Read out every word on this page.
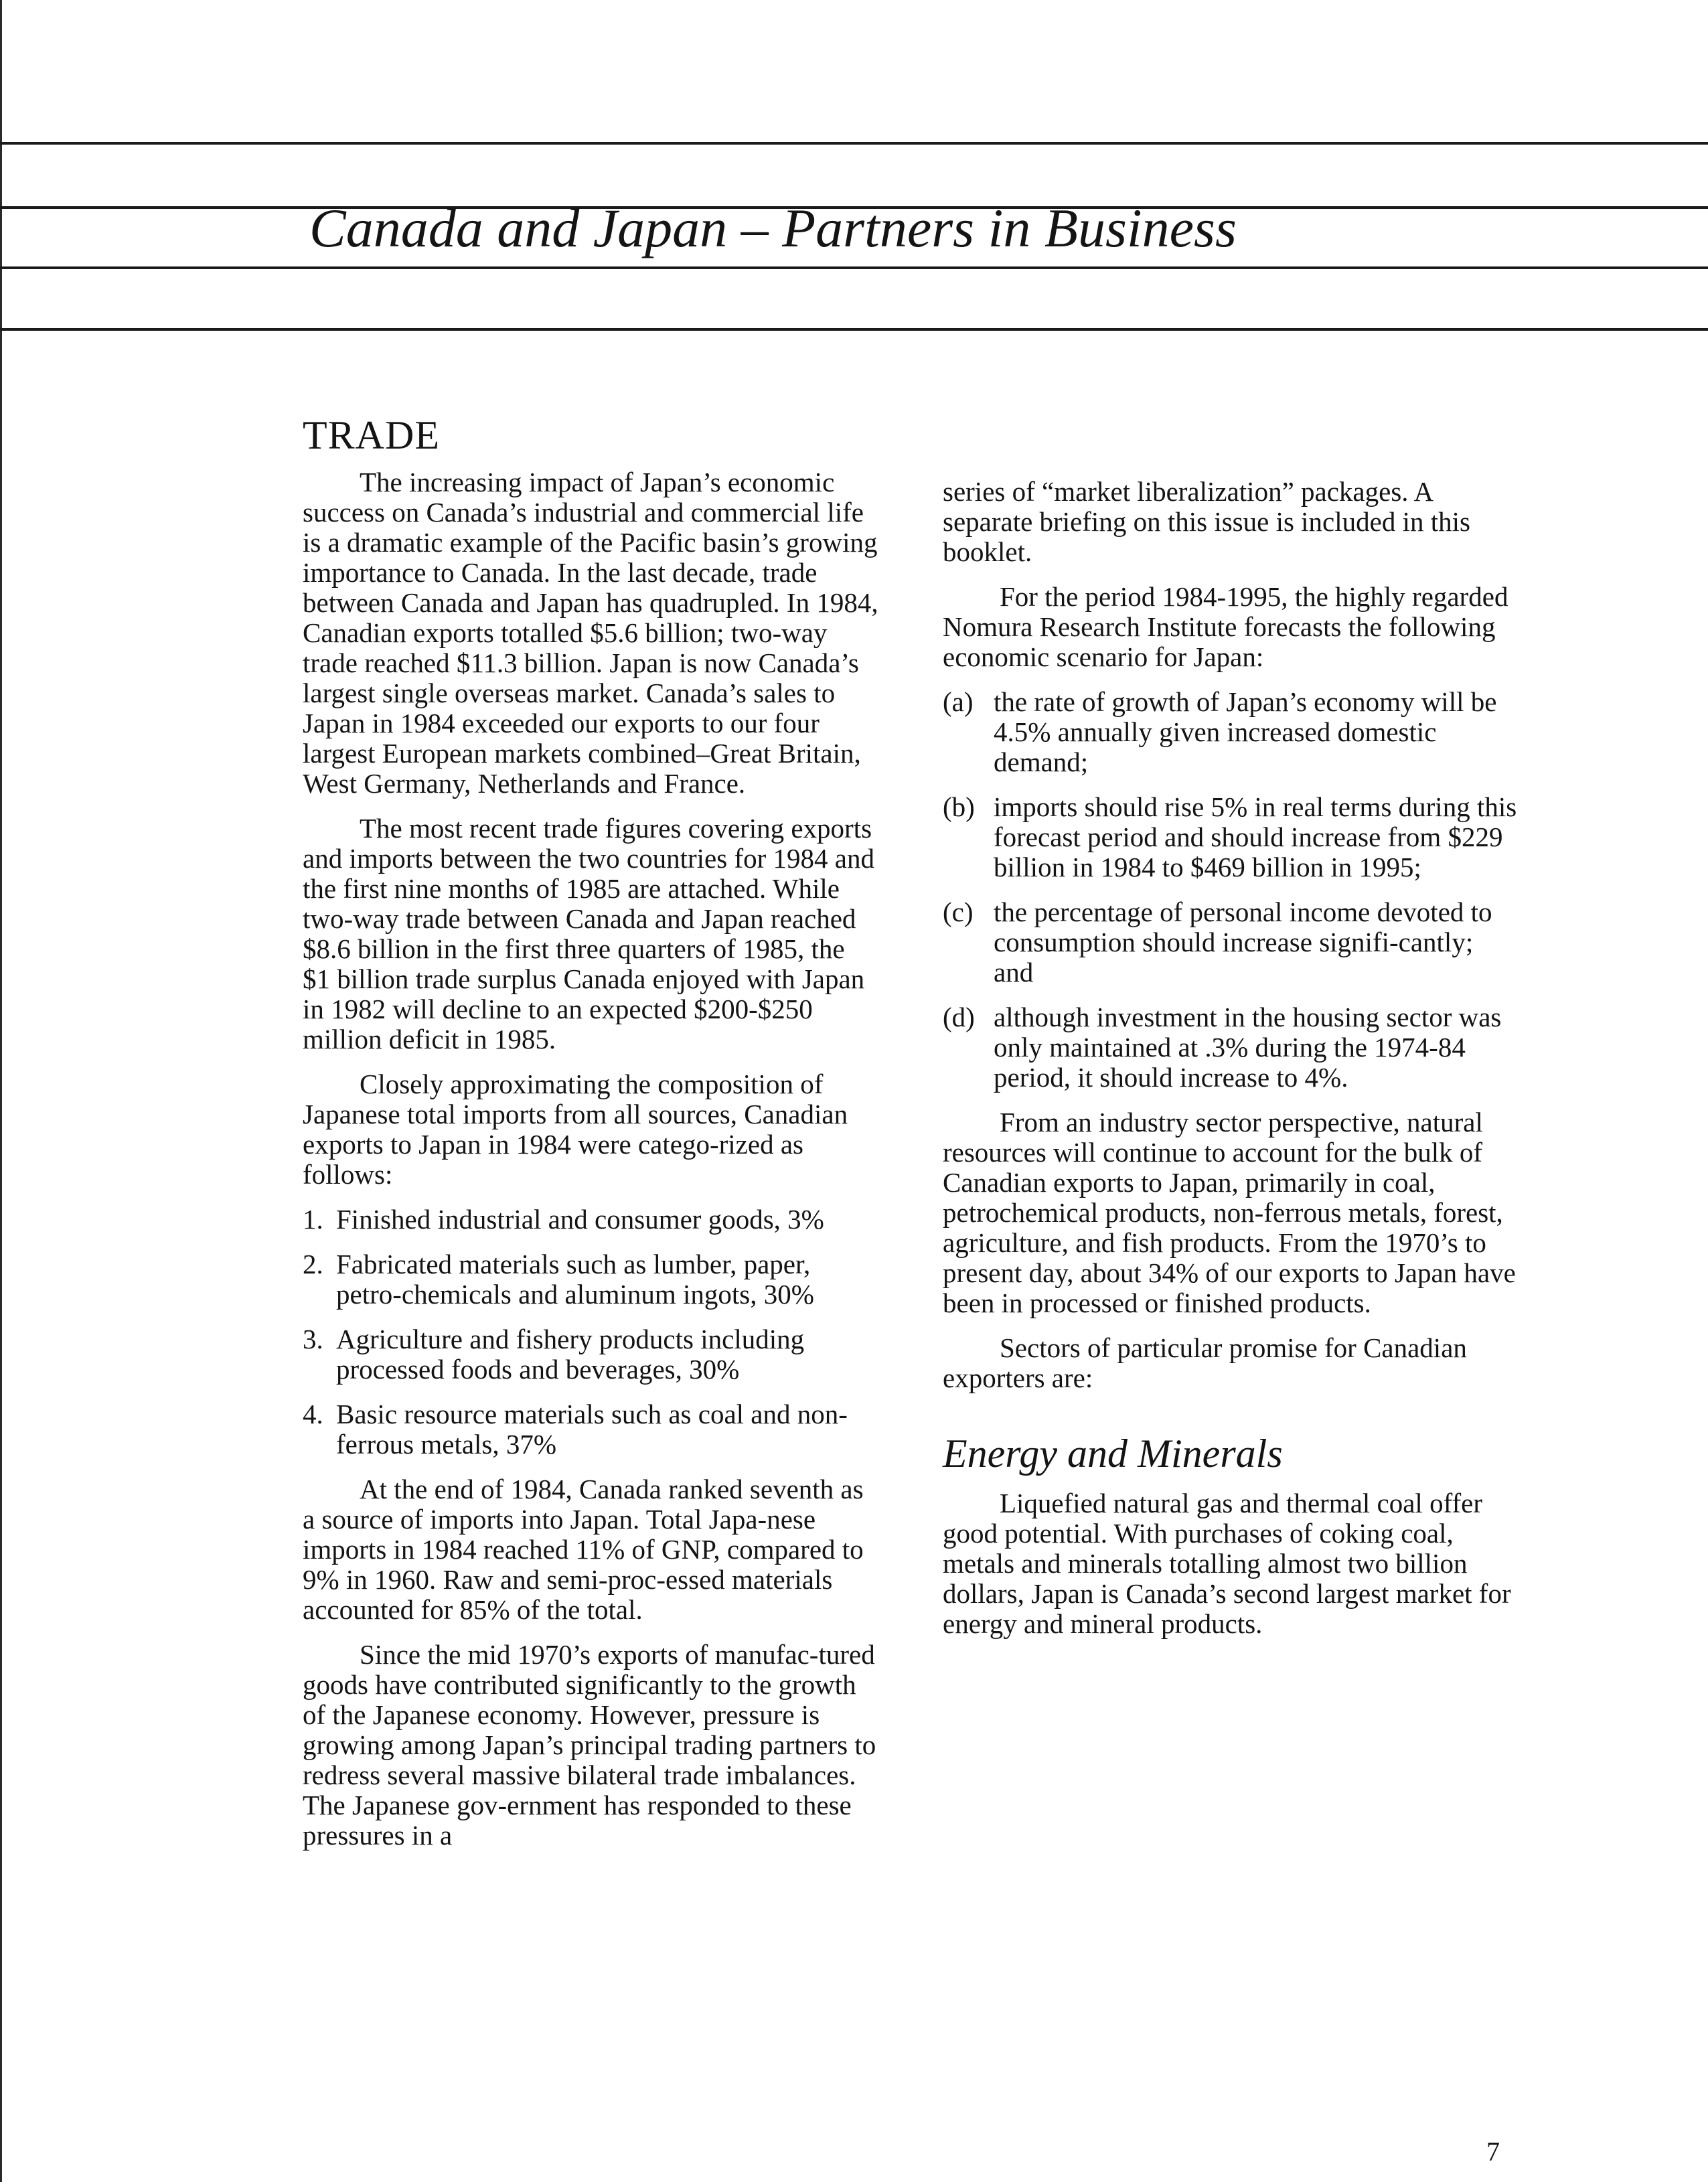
Canada and Japan – Partners in Business
TRADE

The increasing impact of Japan’s economic success on Canada’s industrial and commercial life is a dramatic example of the Pacific basin’s growing importance to Canada. In the last decade, trade between Canada and Japan has quadrupled. In 1984, Canadian exports totalled $5.6 billion; two-way trade reached $11.3 billion. Japan is now Canada’s largest single overseas market. Canada’s sales to Japan in 1984 exceeded our exports to our four largest European markets combined–Great Britain, West Germany, Netherlands and France.

The most recent trade figures covering exports and imports between the two countries for 1984 and the first nine months of 1985 are attached. While two-way trade between Canada and Japan reached $8.6 billion in the first three quarters of 1985, the $1 billion trade surplus Canada enjoyed with Japan in 1982 will decline to an expected $200-$250 million deficit in 1985.

Closely approximating the composition of Japanese total imports from all sources, Canadian exports to Japan in 1984 were catego-rized as follows:

1. Finished industrial and consumer goods, 3%
2. Fabricated materials such as lumber, paper, petro-chemicals and aluminum ingots, 30%
3. Agriculture and fishery products including processed foods and beverages, 30%
4. Basic resource materials such as coal and non-ferrous metals, 37%

At the end of 1984, Canada ranked seventh as a source of imports into Japan. Total Japa-nese imports in 1984 reached 11% of GNP, compared to 9% in 1960. Raw and semi-proc-essed materials accounted for 85% of the total.

Since the mid 1970’s exports of manufac-tured goods have contributed significantly to the growth of the Japanese economy. However, pressure is growing among Japan’s principal trading partners to redress several massive bilateral trade imbalances. The Japanese gov-ernment has responded to these pressures in a

series of “market liberalization” packages. A separate briefing on this issue is included in this booklet.

For the period 1984-1995, the highly regarded Nomura Research Institute forecasts the following economic scenario for Japan:

(a) the rate of growth of Japan’s economy will be 4.5% annually given increased domestic demand;
(b) imports should rise 5% in real terms during this forecast period and should increase from $229 billion in 1984 to $469 billion in 1995;
(c) the percentage of personal income devoted to consumption should increase signifi-cantly; and
(d) although investment in the housing sector was only maintained at .3% during the 1974-84 period, it should increase to 4%.

From an industry sector perspective, natural resources will continue to account for the bulk of Canadian exports to Japan, primarily in coal, petrochemical products, non-ferrous metals, forest, agriculture, and fish products. From the 1970’s to present day, about 34% of our exports to Japan have been in processed or finished products.

Sectors of particular promise for Canadian exporters are:

Energy and Minerals

Liquefied natural gas and thermal coal offer good potential. With purchases of coking coal, metals and minerals totalling almost two billion dollars, Japan is Canada’s second largest market for energy and mineral products.

7
